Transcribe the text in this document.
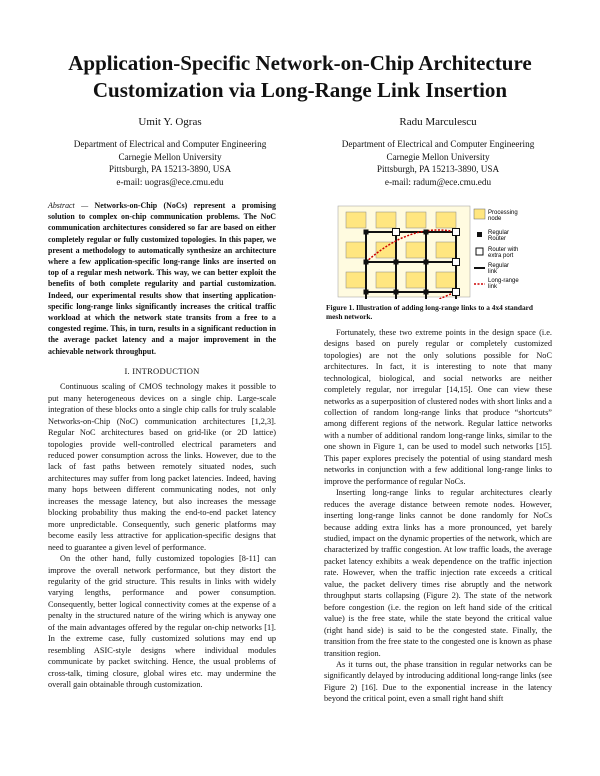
Application-Specific Network-on-Chip Architecture
Customization via Long-Range Link Insertion
Umit Y. Ogras
Department of Electrical and Computer Engineering
Carnegie Mellon University
Pittsburgh, PA 15213-3890, USA
e-mail: uogras@ece.cmu.edu
Radu Marculescu
Department of Electrical and Computer Engineering
Carnegie Mellon University
Pittsburgh, PA 15213-3890, USA
e-mail: radum@ece.cmu.edu

Abstract — Networks-on-Chip (NoCs) represent a promising solution to complex on-chip communication problems. The NoC communication architectures considered so far are based on either completely regular or fully customized topologies. In this paper, we present a methodology to automatically synthesize an architecture where a few application-specific long-range links are inserted on top of a regular mesh network. This way, we can better exploit the benefits of both complete regularity and partial customization. Indeed, our experimental results show that inserting application-specific long-range links significantly increases the critical traffic workload at which the network state transits from a free to a congested regime. This, in turn, results in a significant reduction in the average packet latency and a major improvement in the achievable network throughput.

I. INTRODUCTION

Continuous scaling of CMOS technology makes it possible to put many heterogeneous devices on a single chip. Large-scale integration of these blocks onto a single chip calls for truly scalable Networks-on-Chip (NoC) communication architectures [1,2,3]. Regular NoC architectures based on grid-like (or 2D lattice) topologies provide well-controlled electrical parameters and reduced power consumption across the links. However, due to the lack of fast paths between remotely situated nodes, such architectures may suffer from long packet latencies. Indeed, having many hops between different communicating nodes, not only increases the message latency, but also increases the message blocking probability thus making the end-to-end packet latency more unpredictable. Consequently, such generic platforms may become easily less attractive for application-specific designs that need to guarantee a given level of performance.

On the other hand, fully customized topologies [8-11] can improve the overall network performance, but they distort the regularity of the grid structure. This results in links with widely varying lengths, performance and power consumption. Consequently, better logical connectivity comes at the expense of a penalty in the structured nature of the wiring which is anyway one of the main advantages offered by the regular on-chip networks [1]. In the extreme case, fully customized solutions may end up resembling ASIC-style designs where individual modules communicate by packet switching. Hence, the usual problems of cross-talk, timing closure, global wires etc. may undermine the overall gain obtainable through customization.

Processing node
Regular Router
Router with extra port
Regular link
Long-range link
Figure 1. Illustration of adding long-range links to a 4x4 standard mesh network.

Fortunately, these two extreme points in the design space (i.e. designs based on purely regular or completely customized topologies) are not the only solutions possible for NoC architectures. In fact, it is interesting to note that many technological, biological, and social networks are neither completely regular, nor irregular [14,15]. One can view these networks as a superposition of clustered nodes with short links and a collection of random long-range links that produce “shortcuts” among different regions of the network. Regular lattice networks with a number of additional random long-range links, similar to the one shown in Figure 1, can be used to model such networks [15]. This paper explores precisely the potential of using standard mesh networks in conjunction with a few additional long-range links to improve the performance of regular NoCs.

Inserting long-range links to regular architectures clearly reduces the average distance between remote nodes. However, inserting long-range links cannot be done randomly for NoCs because adding extra links has a more pronounced, yet barely studied, impact on the dynamic properties of the network, which are characterized by traffic congestion. At low traffic loads, the average packet latency exhibits a weak dependence on the traffic injection rate. However, when the traffic injection rate exceeds a critical value, the packet delivery times rise abruptly and the network throughput starts collapsing (Figure 2). The state of the network before congestion (i.e. the region on left hand side of the critical value) is the free state, while the state beyond the critical value (right hand side) is said to be the congested state. Finally, the transition from the free state to the congested one is known as phase transition region.

As it turns out, the phase transition in regular networks can be significantly delayed by introducing additional long-range links (see Figure 2) [16]. Due to the exponential increase in the latency beyond the critical point, even a small right hand shift
